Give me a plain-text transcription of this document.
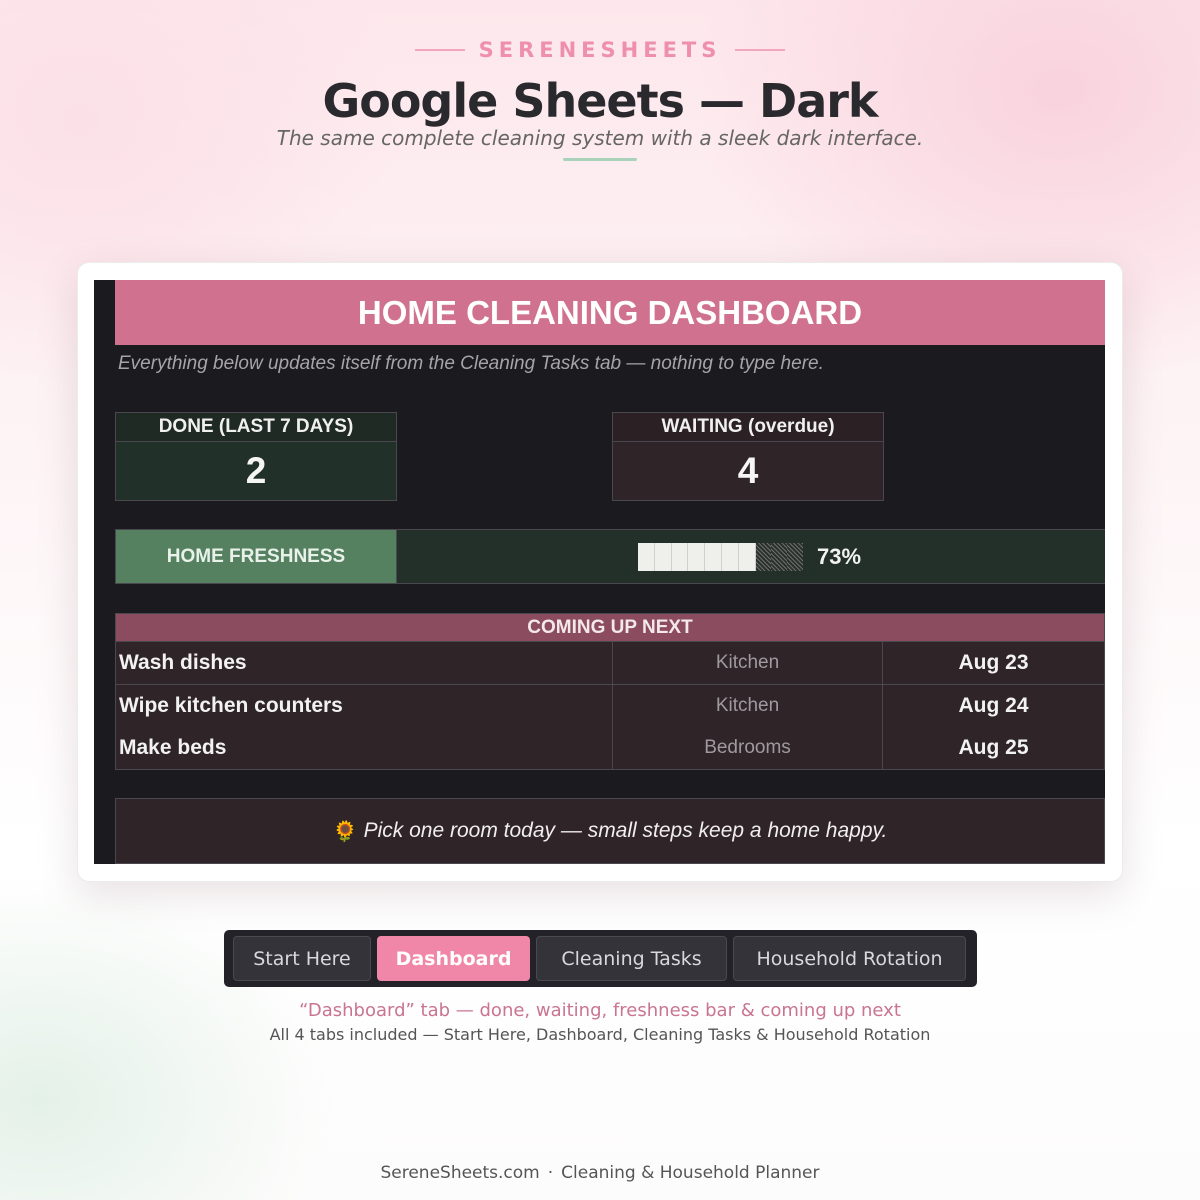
SERENESHEETS
Google Sheets — Dark
The same complete cleaning system with a sleek dark interface.
HOME CLEANING DASHBOARD
Everything below updates itself from the Cleaning Tasks tab — nothing to type here.
DONE (LAST 7 DAYS)
2
WAITING (overdue)
4
HOME FRESHNESS	73%
COMING UP NEXT
Wash dishes	Kitchen	Aug 23
Wipe kitchen counters	Kitchen	Aug 24
Make beds	Bedrooms	Aug 25
🌻 Pick one room today — small steps keep a home happy.
Start Here	Dashboard	Cleaning Tasks	Household Rotation
“Dashboard” tab — done, waiting, freshness bar & coming up next
All 4 tabs included — Start Here, Dashboard, Cleaning Tasks & Household Rotation
SereneSheets.com · Cleaning & Household Planner
